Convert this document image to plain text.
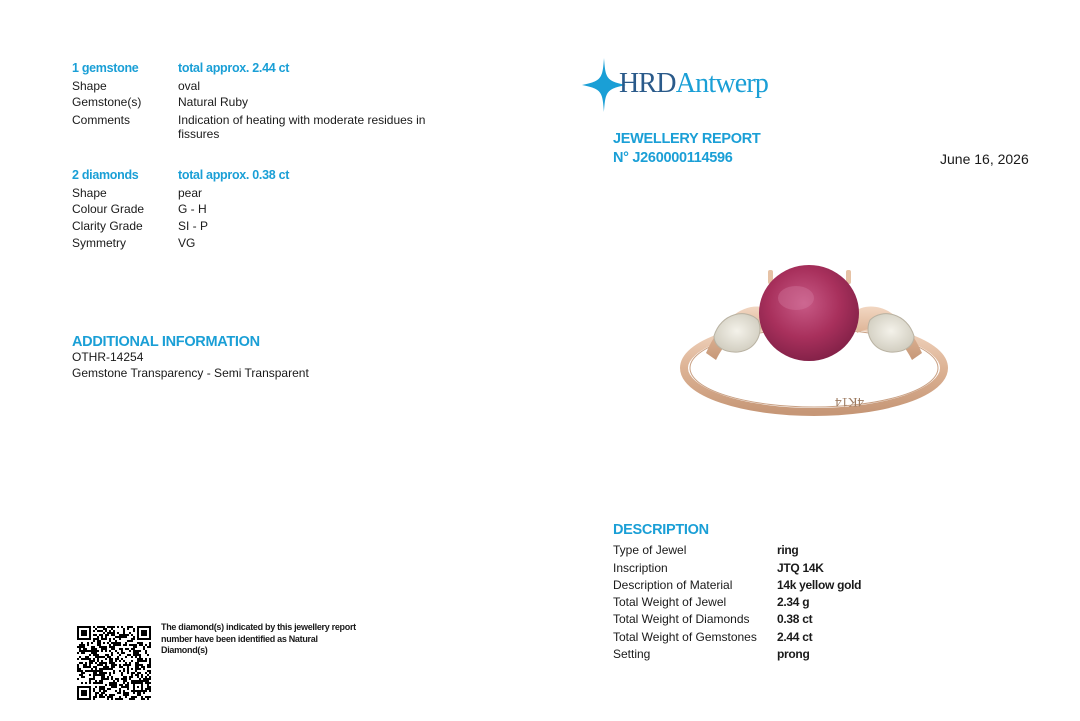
1 gemstone	total approx. 2.44 ct
Shape	oval
Gemstone(s)	Natural Ruby
Comments	Indication of heating with moderate residues in fissures
2 diamonds	total approx. 0.38 ct
Shape	pear
Colour Grade	G - H
Clarity Grade	SI - P
Symmetry	VG
ADDITIONAL INFORMATION
OTHR-14254
Gemstone Transparency - Semi Transparent
The diamond(s) indicated by this jewellery report number have been identified as Natural Diamond(s)
HRDAntwerp
JEWELLERY REPORT
N° J260000114596	June 16, 2026
4K14
DESCRIPTION
Type of Jewel	ring
Inscription	JTQ 14K
Description of Material	14k yellow gold
Total Weight of Jewel	2.34 g
Total Weight of Diamonds 0.38 ct
Total Weight of Gemstones 2.44 ct
Setting	prong
